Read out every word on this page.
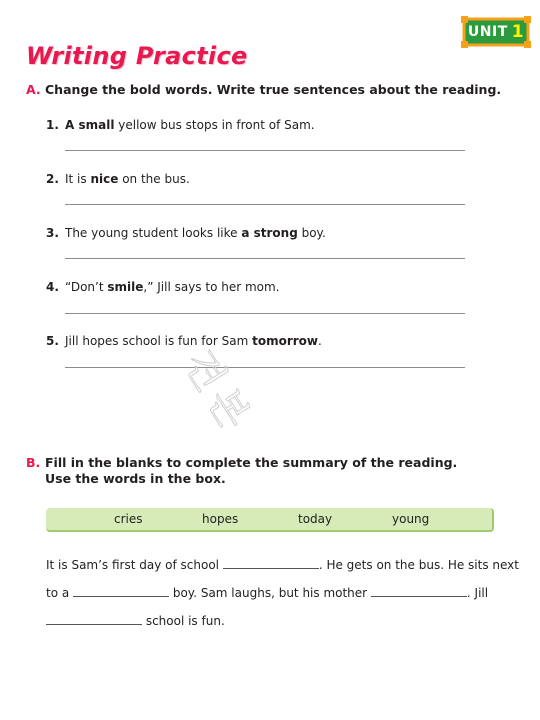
UNIT 1
Writing Practice
A. Change the bold words. Write true sentences about the reading.
1. A small yellow bus stops in front of Sam.
2. It is nice on the bus.
3. The young student looks like a strong boy.
4. “Don’t smile,” Jill says to her mom.
5. Jill hopes school is fun for Sam tomorrow.
견본
B. Fill in the blanks to complete the summary of the reading. Use the words in the box.
cries	hopes	today	young
It is Sam’s first day of school	. He gets on the bus. He sits next
to a	boy. Sam laughs, but his mother	. Jill
school is fun.
